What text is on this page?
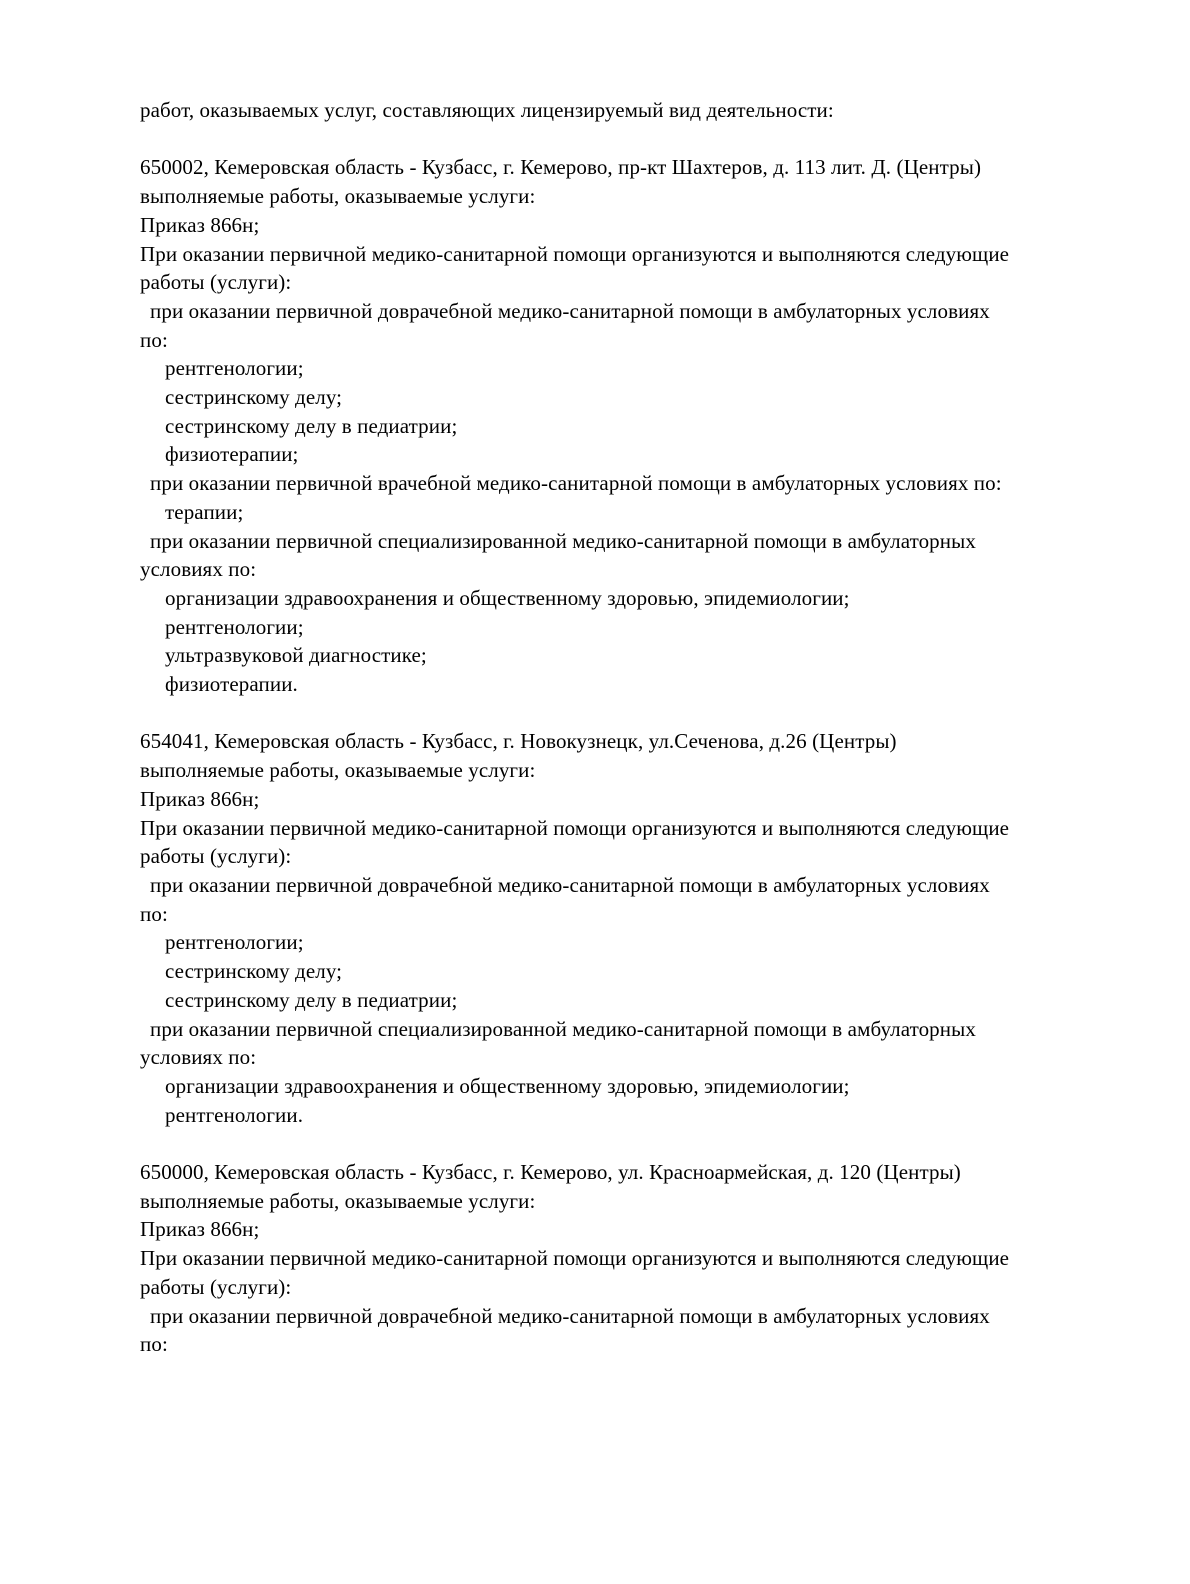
работ, оказываемых услуг, составляющих лицензируемый вид деятельности:

650002, Кемеровская область - Кузбасс, г. Кемерово, пр-кт Шахтеров, д. 113 лит. Д. (Центры)
выполняемые работы, оказываемые услуги:
Приказ 866н;
При оказании первичной медико-санитарной помощи организуются и выполняются следующие
работы (услуги):
при оказании первичной доврачебной медико-санитарной помощи в амбулаторных условиях
по:
рентгенологии;
сестринскому делу;
сестринскому делу в педиатрии;
физиотерапии;
при оказании первичной врачебной медико-санитарной помощи в амбулаторных условиях по:
терапии;
при оказании первичной специализированной медико-санитарной помощи в амбулаторных
условиях по:
организации здравоохранения и общественному здоровью, эпидемиологии;
рентгенологии;
ультразвуковой диагностике;
физиотерапии.

654041, Кемеровская область - Кузбасс, г. Новокузнецк, ул.Сеченова, д.26 (Центры)
выполняемые работы, оказываемые услуги:
Приказ 866н;
При оказании первичной медико-санитарной помощи организуются и выполняются следующие
работы (услуги):
при оказании первичной доврачебной медико-санитарной помощи в амбулаторных условиях
по:
рентгенологии;
сестринскому делу;
сестринскому делу в педиатрии;
при оказании первичной специализированной медико-санитарной помощи в амбулаторных
условиях по:
организации здравоохранения и общественному здоровью, эпидемиологии;
рентгенологии.

650000, Кемеровская область - Кузбасс, г. Кемерово, ул. Красноармейская, д. 120 (Центры)
выполняемые работы, оказываемые услуги:
Приказ 866н;
При оказании первичной медико-санитарной помощи организуются и выполняются следующие
работы (услуги):
при оказании первичной доврачебной медико-санитарной помощи в амбулаторных условиях
по:
